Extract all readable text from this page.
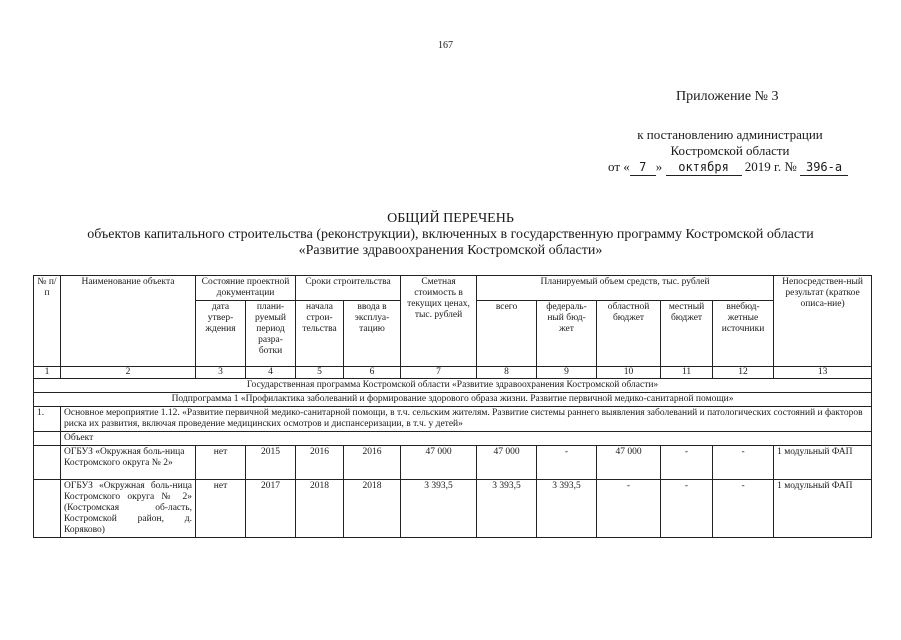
167
Приложение № 3
к постановлению администрации
Костромской области
от « 7 » октября 2019 г. № 396-а
ОБЩИЙ ПЕРЕЧЕНЬ
объектов капитального строительства (реконструкции), включенных в государственную программу Костромской области
«Развитие здравоохранения Костромской области»
№ п/п	Наименование объекта	Состояние проектной документации		Сроки строительства		Сметная стоимость в текущих ценах, тыс. рублей	Планируемый объем средств, тыс. рублей					Непосредствен-ный результат (краткое описа-ние)
		дата утвер-ждения	плани-руемый период разра-ботки	начала строи-тельства	ввода в эксплуа-тацию		всего	федераль-ный бюд-жет	областной бюджет	местный бюджет	внебюд-жетные источники	
1	2	3	4	5	6	7	8	9	10	11	12	13
Государственная программа Костромской области «Развитие здравоохранения Костромской области»												
Подпрограмма 1 «Профилактика заболеваний и формирование здорового образа жизни. Развитие первичной медико-санитарной помощи»												
1.	Основное мероприятие 1.12. «Развитие первичной медико-санитарной помощи, в т.ч. сельским жителям. Развитие системы раннего выявления заболеваний и патологических состояний и факторов риска их развития, включая проведение медицинских осмотров и диспансеризации, в т.ч. у детей»											
	Объект											
	ОГБУЗ «Окружная боль-ница Костромского округа № 2»	нет	2015	2016	2016	47 000	47 000	-	47 000	-	-	1 модульный ФАП
	ОГБУЗ «Окружная боль-ница Костромского округа № 2» (Костромская об-ласть, Костромской район, д. Коряково)	нет	2017	2018	2018	3 393,5	3 393,5	3 393,5	-	-	-	1 модульный ФАП
